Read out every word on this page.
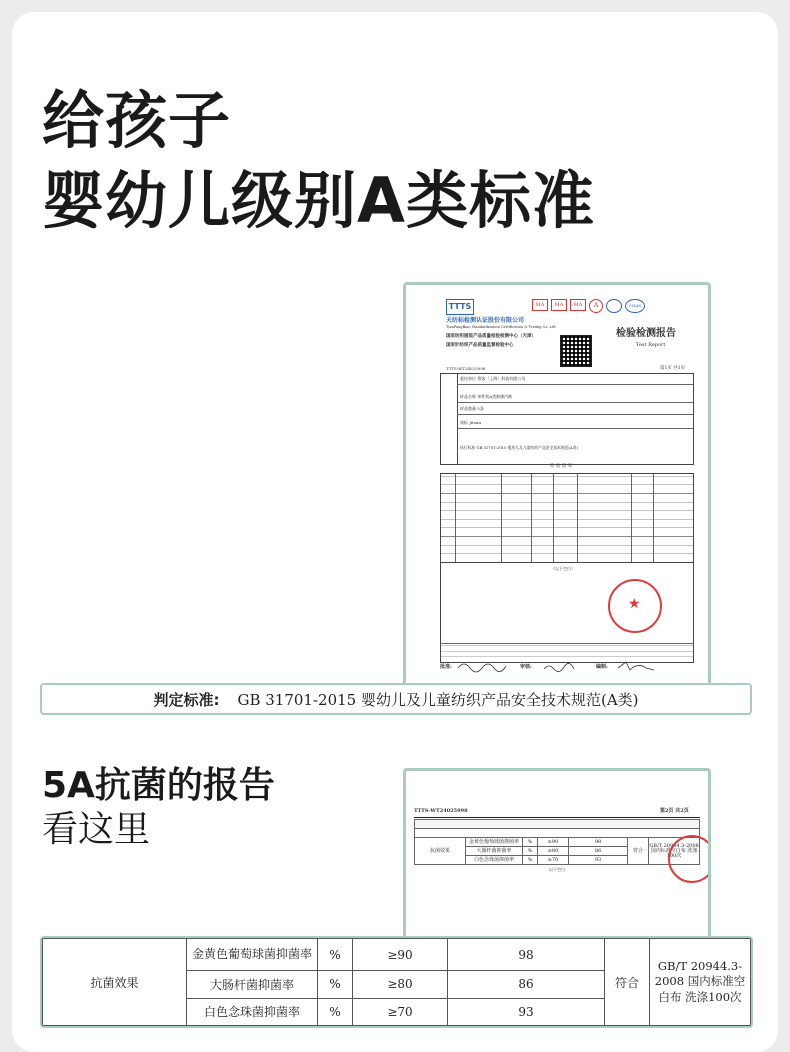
给孩子
婴幼儿级别A类标准
TTTS	MA	MA	MA	A	CNAS
天纺标检测认证股份有限公司
TianFangBiao Standardization Certification & Testing Co.,Ltd.
国家纺织服装产品质量检验检测中心（天津）
国家针纺织产品质量监督检验中心
检验检测报告
Test Report
TTTS-WT24025998	第1页 共1页
委托单位 慕客（上海）科技有限公司
样品名称 单件装A类抑菌内裤
样品数量 5条
商标 Jitsuu
执行标准 GB 31701-2015 婴幼儿及儿童纺织产品安全技术规范(A类)
检 验 结 果
（以下空白）
★
批准:	审核:	编制:
判定标准: GB 31701-2015 婴幼儿及儿童纺织产品安全技术规范(A类)
5A抗菌的报告
看这里	TTTS-WT24025998	第2页 共2页

抗菌效果	金黄色葡萄球菌抑菌率	%	≥90	98	符合	GB/T 20944.3-2008 国内标准空白布 洗涤100次
	大肠杆菌抑菌率	%	≥80	86		
	白色念珠菌抑菌率	%	≥70	93		
以下空白
抗菌效果	金黄色葡萄球菌抑菌率	%	≥90	98	符合	GB/T 20944.3-2008 国内标准空白布 洗涤100次
	大肠杆菌抑菌率	%	≥80	86		
	白色念珠菌抑菌率	%	≥70	93		
